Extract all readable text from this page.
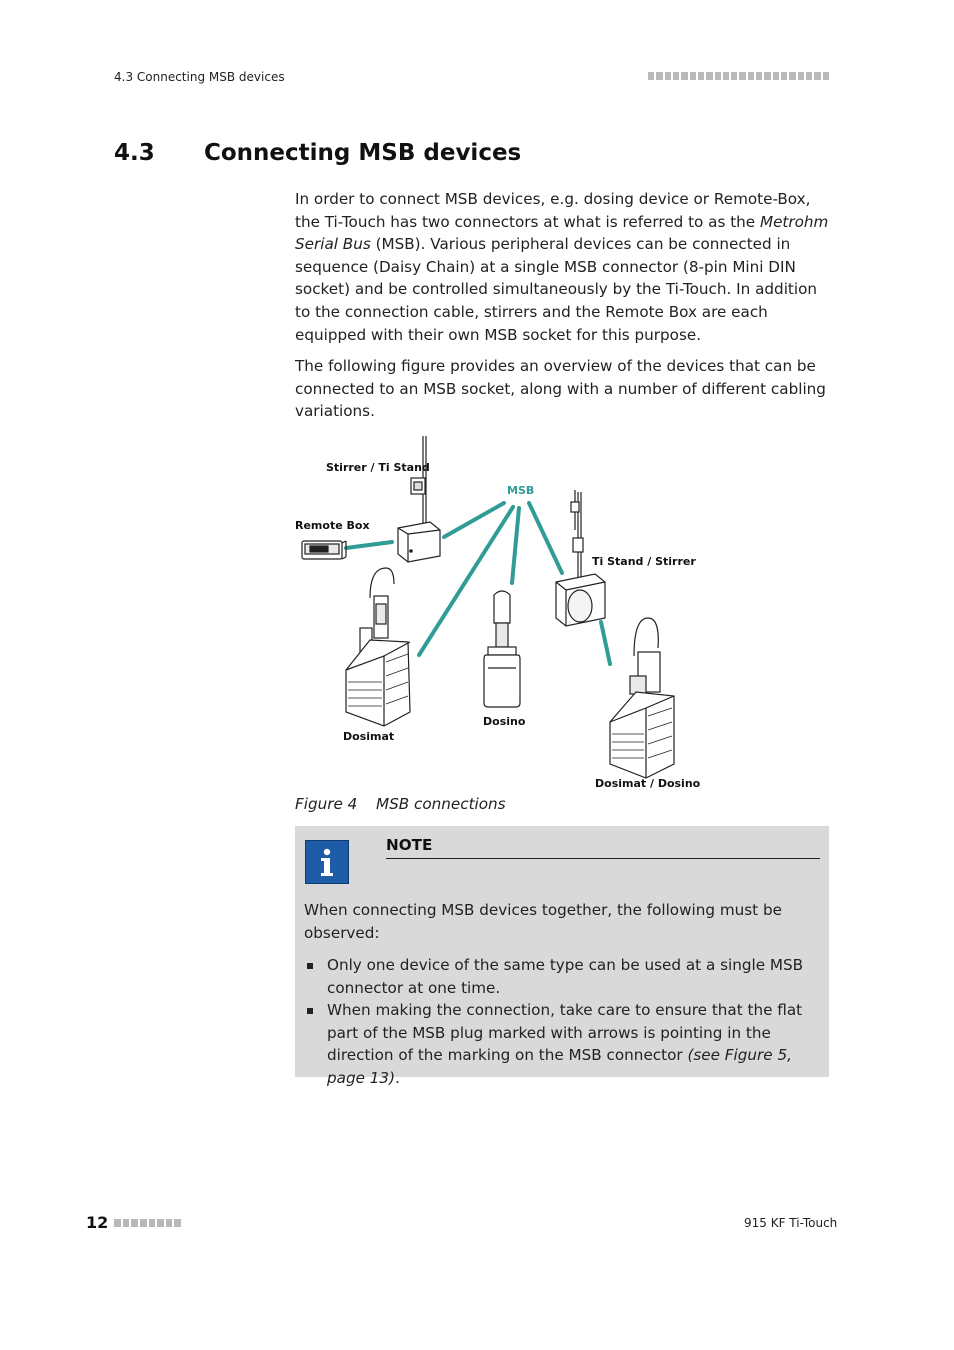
4.3 Connecting MSB devices
4.3 Connecting MSB devices
In order to connect MSB devices, e.g. dosing device or Remote-Box, the Ti-Touch has two connectors at what is referred to as the Metrohm Serial Bus (MSB). Various peripheral devices can be connected in sequence (Daisy Chain) at a single MSB connector (8-pin Mini DIN socket) and be controlled simultaneously by the Ti-Touch. In addition to the connection cable, stirrers and the Remote Box are each equipped with their own MSB socket for this purpose.
The following figure provides an overview of the devices that can be connected to an MSB socket, along with a number of different cabling variations.
Stirrer / Ti Stand
MSB
Remote Box
Ti Stand / Stirrer
Dosino
Dosimat
Dosimat / Dosino
Figure 4 MSB connections
NOTE
When connecting MSB devices together, the following must be observed:
Only one device of the same type can be used at a single MSB connector at one time.
When making the connection, take care to ensure that the flat part of the MSB plug marked with arrows is pointing in the direction of the marking on the MSB connector (see Figure 5, page 13).
12	915 KF Ti-Touch
